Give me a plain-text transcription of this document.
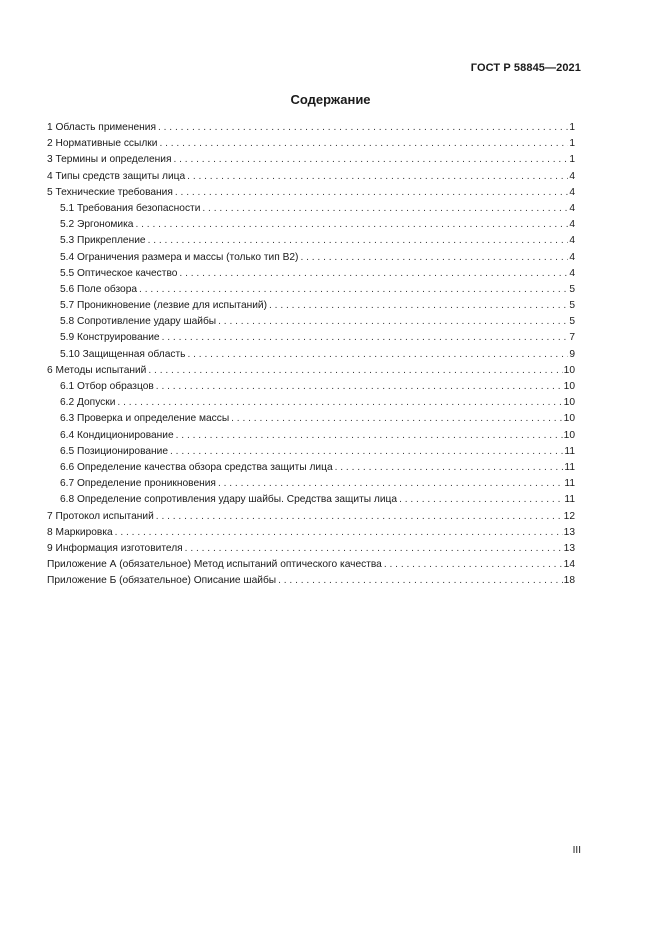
ГОСТ Р 58845—2021
Содержание
1 Область применения . . .	1
2 Нормативные ссылки . . .	1
3 Термины и определения . . .	1
4 Типы средств защиты лица . . .	4
5 Технические требования . . .	4
5.1 Требования безопасности . . .	4
5.2 Эргономика . . .	4
5.3 Прикрепление . . .	4
5.4 Ограничения размера и массы (только тип В2) . . .	4
5.5 Оптическое качество . . .	4
5.6 Поле обзора . . .	5
5.7 Проникновение (лезвие для испытаний) . . .	5
5.8 Сопротивление удару шайбы . . .	5
5.9 Конструирование . . .	7
5.10 Защищенная область . . .	9
6 Методы испытаний . . .	10
6.1 Отбор образцов . . .	10
6.2 Допуски . . .	10
6.3 Проверка и определение массы . . .	10
6.4 Кондиционирование . . .	10
6.5 Позиционирование . . .	11
6.6 Определение качества обзора средства защиты лица . . .	11
6.7 Определение проникновения . . .	11
6.8 Определение сопротивления удару шайбы. Средства защиты лица . . .	11
7 Протокол испытаний . . .	12
8 Маркировка . . .	13
9 Информация изготовителя . . .	13
Приложение А (обязательное) Метод испытаний оптического качества . . .	14
Приложение Б (обязательное) Описание шайбы . . .	18
III
